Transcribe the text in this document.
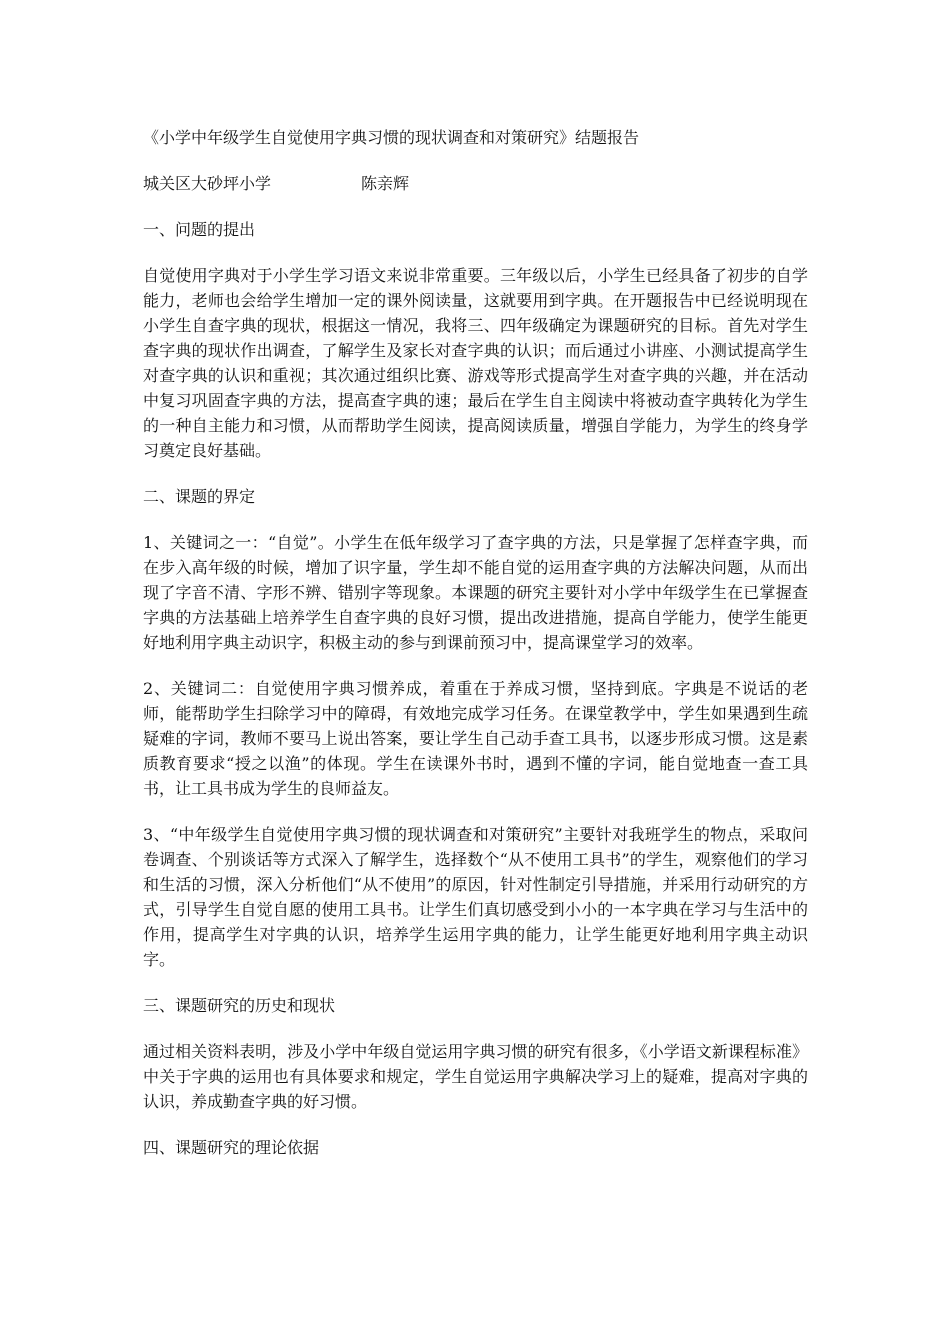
《小学中年级学生自觉使用字典习惯的现状调查和对策研究》结题报告

城关区大砂坪小学	陈亲辉

一、问题的提出

自觉使用字典对于小学生学习语文来说非常重要。三年级以后，小学生已经具备了初步的自学能力，老师也会给学生增加一定的课外阅读量，这就要用到字典。在开题报告中已经说明现在小学生自查字典的现状，根据这一情况，我将三、四年级确定为课题研究的目标。首先对学生查字典的现状作出调查，了解学生及家长对查字典的认识；而后通过小讲座、小测试提高学生对查字典的认识和重视；其次通过组织比赛、游戏等形式提高学生对查字典的兴趣，并在活动中复习巩固查字典的方法，提高查字典的速；最后在学生自主阅读中将被动查字典转化为学生的一种自主能力和习惯，从而帮助学生阅读，提高阅读质量，增强自学能力，为学生的终身学习奠定良好基础。

二、课题的界定

1、关键词之一：“自觉”。小学生在低年级学习了查字典的方法，只是掌握了怎样查字典，而在步入高年级的时候，增加了识字量，学生却不能自觉的运用查字典的方法解决问题，从而出现了字音不清、字形不辨、错别字等现象。本课题的研究主要针对小学中年级学生在已掌握查字典的方法基础上培养学生自查字典的良好习惯，提出改进措施，提高自学能力，使学生能更好地利用字典主动识字，积极主动的参与到课前预习中，提高课堂学习的效率。

2、关键词二：自觉使用字典习惯养成，着重在于养成习惯，坚持到底。字典是不说话的老师，能帮助学生扫除学习中的障碍，有效地完成学习任务。在课堂教学中，学生如果遇到生疏疑难的字词，教师不要马上说出答案，要让学生自己动手查工具书，以逐步形成习惯。这是素质教育要求“授之以渔”的体现。学生在读课外书时，遇到不懂的字词，能自觉地查一查工具书，让工具书成为学生的良师益友。

3、“中年级学生自觉使用字典习惯的现状调查和对策研究”主要针对我班学生的物点，采取问卷调查、个别谈话等方式深入了解学生，选择数个“从不使用工具书”的学生，观察他们的学习和生活的习惯，深入分析他们“从不使用”的原因，针对性制定引导措施，并采用行动研究的方式，引导学生自觉自愿的使用工具书。让学生们真切感受到小小的一本字典在学习与生活中的作用，提高学生对字典的认识，培养学生运用字典的能力，让学生能更好地利用字典主动识字。

三、课题研究的历史和现状

通过相关资料表明，涉及小学中年级自觉运用字典习惯的研究有很多，《小学语文新课程标准》中关于字典的运用也有具体要求和规定，学生自觉运用字典解决学习上的疑难，提高对字典的认识，养成勤查字典的好习惯。

四、课题研究的理论依据
